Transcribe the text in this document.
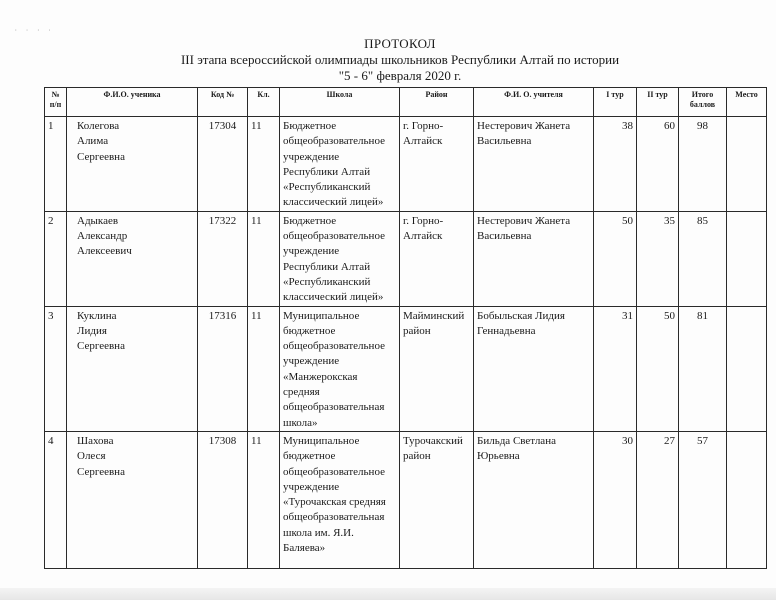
· · · ·
ПРОТОКОЛ
III этапа всероссийской олимпиады школьников Республики Алтай по истории
"5 - 6" февраля 2020 г.
№ п/п	Ф.И.О. ученика	Код №	Кл.	Школа	Район	Ф.И. О. учителя	I тур	II тур	Итого баллов	Место
1	Колегова
Алима
Сергеевна	17304	11	Бюджетное общеобразовательное учреждение Республики Алтай «Республиканский классический лицей»	г. Горно-Алтайск	Нестерович Жанета Васильевна	38	60	98	
2	Адыкаев
Александр
Алексеевич	17322	11	Бюджетное общеобразовательное учреждение Республики Алтай «Республиканский классический лицей»	г. Горно-Алтайск	Нестерович Жанета Васильевна	50	35	85	
3	Куклина
Лидия
Сергеевна	17316	11	Муниципальное бюджетное общеобразовательное учреждение «Манжерокская средняя общеобразовательная школа»	Майминский район	Бобыльская Лидия Геннадьевна	31	50	81	
4	Шахова
Олеся
Сергеевна	17308	11	Муниципальное бюджетное общеобразовательное учреждение «Турочакская средняя общеобразовательная школа им. Я.И. Баляева»	Турочакский район	Бильда Светлана Юрьевна	30	27	57	
